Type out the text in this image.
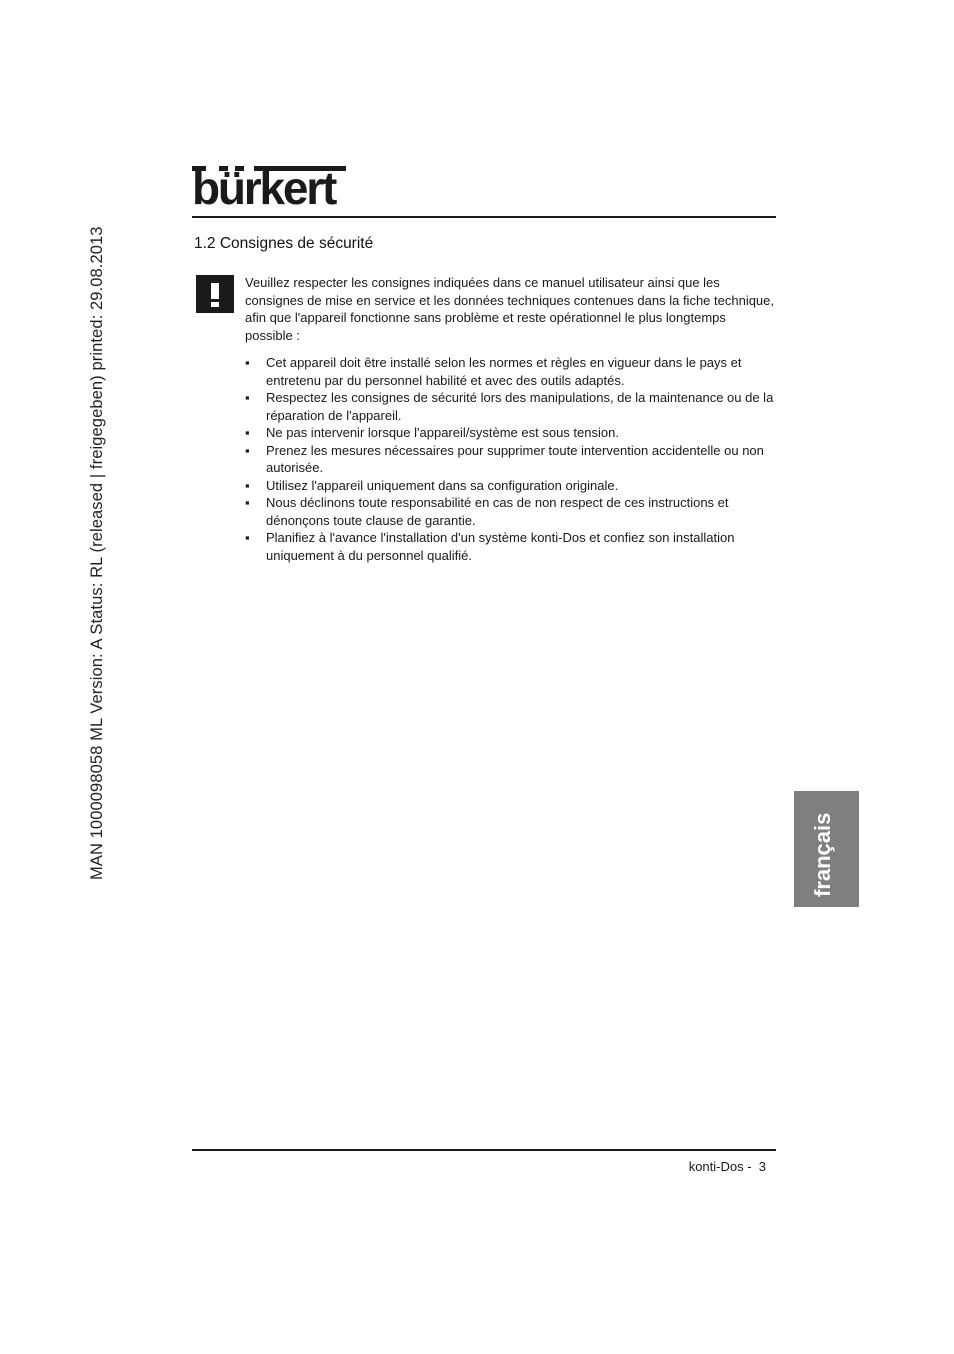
MAN 1000098058 ML Version: A Status: RL (released | freigegeben) printed: 29.08.2013
bürkert
1.2 Consignes de sécurité

Veuillez respecter les consignes indiquées dans ce manuel utilisateur ainsi que les consignes de mise en service et les données techniques contenues dans la fiche technique, afin que l'appareil fonctionne sans problème et reste opérationnel le plus longtemps possible :

▪	Cet appareil doit être installé selon les normes et règles en vigueur dans le pays et entretenu par du personnel habilité et avec des outils adaptés.
▪	Respectez les consignes de sécurité lors des manipulations, de la maintenance ou de la réparation de l'appareil.
▪	Ne pas intervenir lorsque l'appareil/système est sous tension.
▪	Prenez les mesures nécessaires pour supprimer toute intervention accidentelle ou non autorisée.
▪	Utilisez l'appareil uniquement dans sa configuration originale.
▪	Nous déclinons toute responsabilité en cas de non respect de ces instructions et dénonçons toute clause de garantie.
▪	Planifiez à l'avance l'installation d'un système konti-Dos et confiez son installation uniquement à du personnel qualifié.
français
konti-Dos -  3
